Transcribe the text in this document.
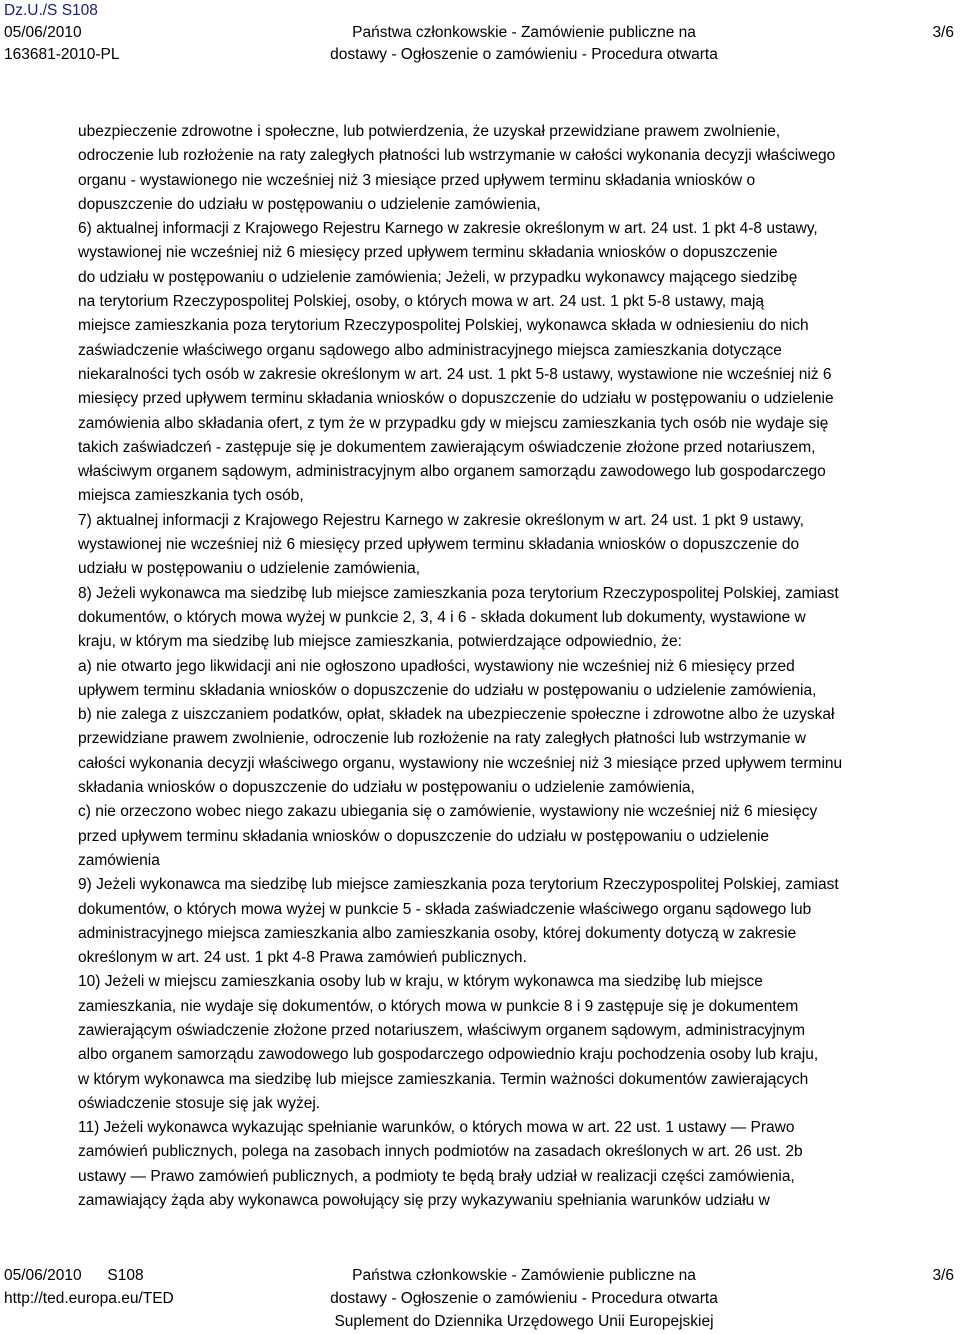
Dz.U./S S108
05/06/2010
163681-2010-PL
Państwa członkowskie - Zamówienie publiczne na
dostawy - Ogłoszenie o zamówieniu - Procedura otwarta
3/6
ubezpieczenie zdrowotne i społeczne, lub potwierdzenia, że uzyskał przewidziane prawem zwolnienie,
odroczenie lub rozłożenie na raty zaległych płatności lub wstrzymanie w całości wykonania decyzji właściwego
organu - wystawionego nie wcześniej niż 3 miesiące przed upływem terminu składania wniosków o
dopuszczenie do udziału w postępowaniu o udzielenie zamówienia,
6) aktualnej informacji z Krajowego Rejestru Karnego w zakresie określonym w art. 24 ust. 1 pkt 4-8 ustawy,
wystawionej nie wcześniej niż 6 miesięcy przed upływem terminu składania wniosków o dopuszczenie
do udziału w postępowaniu o udzielenie zamówienia; Jeżeli, w przypadku wykonawcy mającego siedzibę
na terytorium Rzeczypospolitej Polskiej, osoby, o których mowa w art. 24 ust. 1 pkt 5-8 ustawy, mają
miejsce zamieszkania poza terytorium Rzeczypospolitej Polskiej, wykonawca składa w odniesieniu do nich
zaświadczenie właściwego organu sądowego albo administracyjnego miejsca zamieszkania dotyczące
niekaralności tych osób w zakresie określonym w art. 24 ust. 1 pkt 5-8 ustawy, wystawione nie wcześniej niż 6
miesięcy przed upływem terminu składania wniosków o dopuszczenie do udziału w postępowaniu o udzielenie
zamówienia albo składania ofert, z tym że w przypadku gdy w miejscu zamieszkania tych osób nie wydaje się
takich zaświadczeń - zastępuje się je dokumentem zawierającym oświadczenie złożone przed notariuszem,
właściwym organem sądowym, administracyjnym albo organem samorządu zawodowego lub gospodarczego
miejsca zamieszkania tych osób,
7) aktualnej informacji z Krajowego Rejestru Karnego w zakresie określonym w art. 24 ust. 1 pkt 9 ustawy,
wystawionej nie wcześniej niż 6 miesięcy przed upływem terminu składania wniosków o dopuszczenie do
udziału w postępowaniu o udzielenie zamówienia,
8) Jeżeli wykonawca ma siedzibę lub miejsce zamieszkania poza terytorium Rzeczypospolitej Polskiej, zamiast
dokumentów, o których mowa wyżej w punkcie 2, 3, 4 i 6 - składa dokument lub dokumenty, wystawione w
kraju, w którym ma siedzibę lub miejsce zamieszkania, potwierdzające odpowiednio, że:
a) nie otwarto jego likwidacji ani nie ogłoszono upadłości, wystawiony nie wcześniej niż 6 miesięcy przed
upływem terminu składania wniosków o dopuszczenie do udziału w postępowaniu o udzielenie zamówienia,
b) nie zalega z uiszczaniem podatków, opłat, składek na ubezpieczenie społeczne i zdrowotne albo że uzyskał
przewidziane prawem zwolnienie, odroczenie lub rozłożenie na raty zaległych płatności lub wstrzymanie w
całości wykonania decyzji właściwego organu, wystawiony nie wcześniej niż 3 miesiące przed upływem terminu
składania wniosków o dopuszczenie do udziału w postępowaniu o udzielenie zamówienia,
c) nie orzeczono wobec niego zakazu ubiegania się o zamówienie, wystawiony nie wcześniej niż 6 miesięcy
przed upływem terminu składania wniosków o dopuszczenie do udziału w postępowaniu o udzielenie
zamówienia
9) Jeżeli wykonawca ma siedzibę lub miejsce zamieszkania poza terytorium Rzeczypospolitej Polskiej, zamiast
dokumentów, o których mowa wyżej w punkcie 5 - składa zaświadczenie właściwego organu sądowego lub
administracyjnego miejsca zamieszkania albo zamieszkania osoby, której dokumenty dotyczą w zakresie
określonym w art. 24 ust. 1 pkt 4-8 Prawa zamówień publicznych.
10) Jeżeli w miejscu zamieszkania osoby lub w kraju, w którym wykonawca ma siedzibę lub miejsce
zamieszkania, nie wydaje się dokumentów, o których mowa w punkcie 8 i 9 zastępuje się je dokumentem
zawierającym oświadczenie złożone przed notariuszem, właściwym organem sądowym, administracyjnym
albo organem samorządu zawodowego lub gospodarczego odpowiednio kraju pochodzenia osoby lub kraju,
w którym wykonawca ma siedzibę lub miejsce zamieszkania. Termin ważności dokumentów zawierających
oświadczenie stosuje się jak wyżej.
11) Jeżeli wykonawca wykazując spełnianie warunków, o których mowa w art. 22 ust. 1 ustawy — Prawo
zamówień publicznych, polega na zasobach innych podmiotów na zasadach określonych w art. 26 ust. 2b
ustawy — Prawo zamówień publicznych, a podmioty te będą brały udział w realizacji części zamówienia,
zamawiający żąda aby wykonawca powołujący się przy wykazywaniu spełniania warunków udziału w
05/06/2010 S108
http://ted.europa.eu/TED
Państwa członkowskie - Zamówienie publiczne na
dostawy - Ogłoszenie o zamówieniu - Procedura otwarta
Suplement do Dziennika Urzędowego Unii Europejskiej
3/6
